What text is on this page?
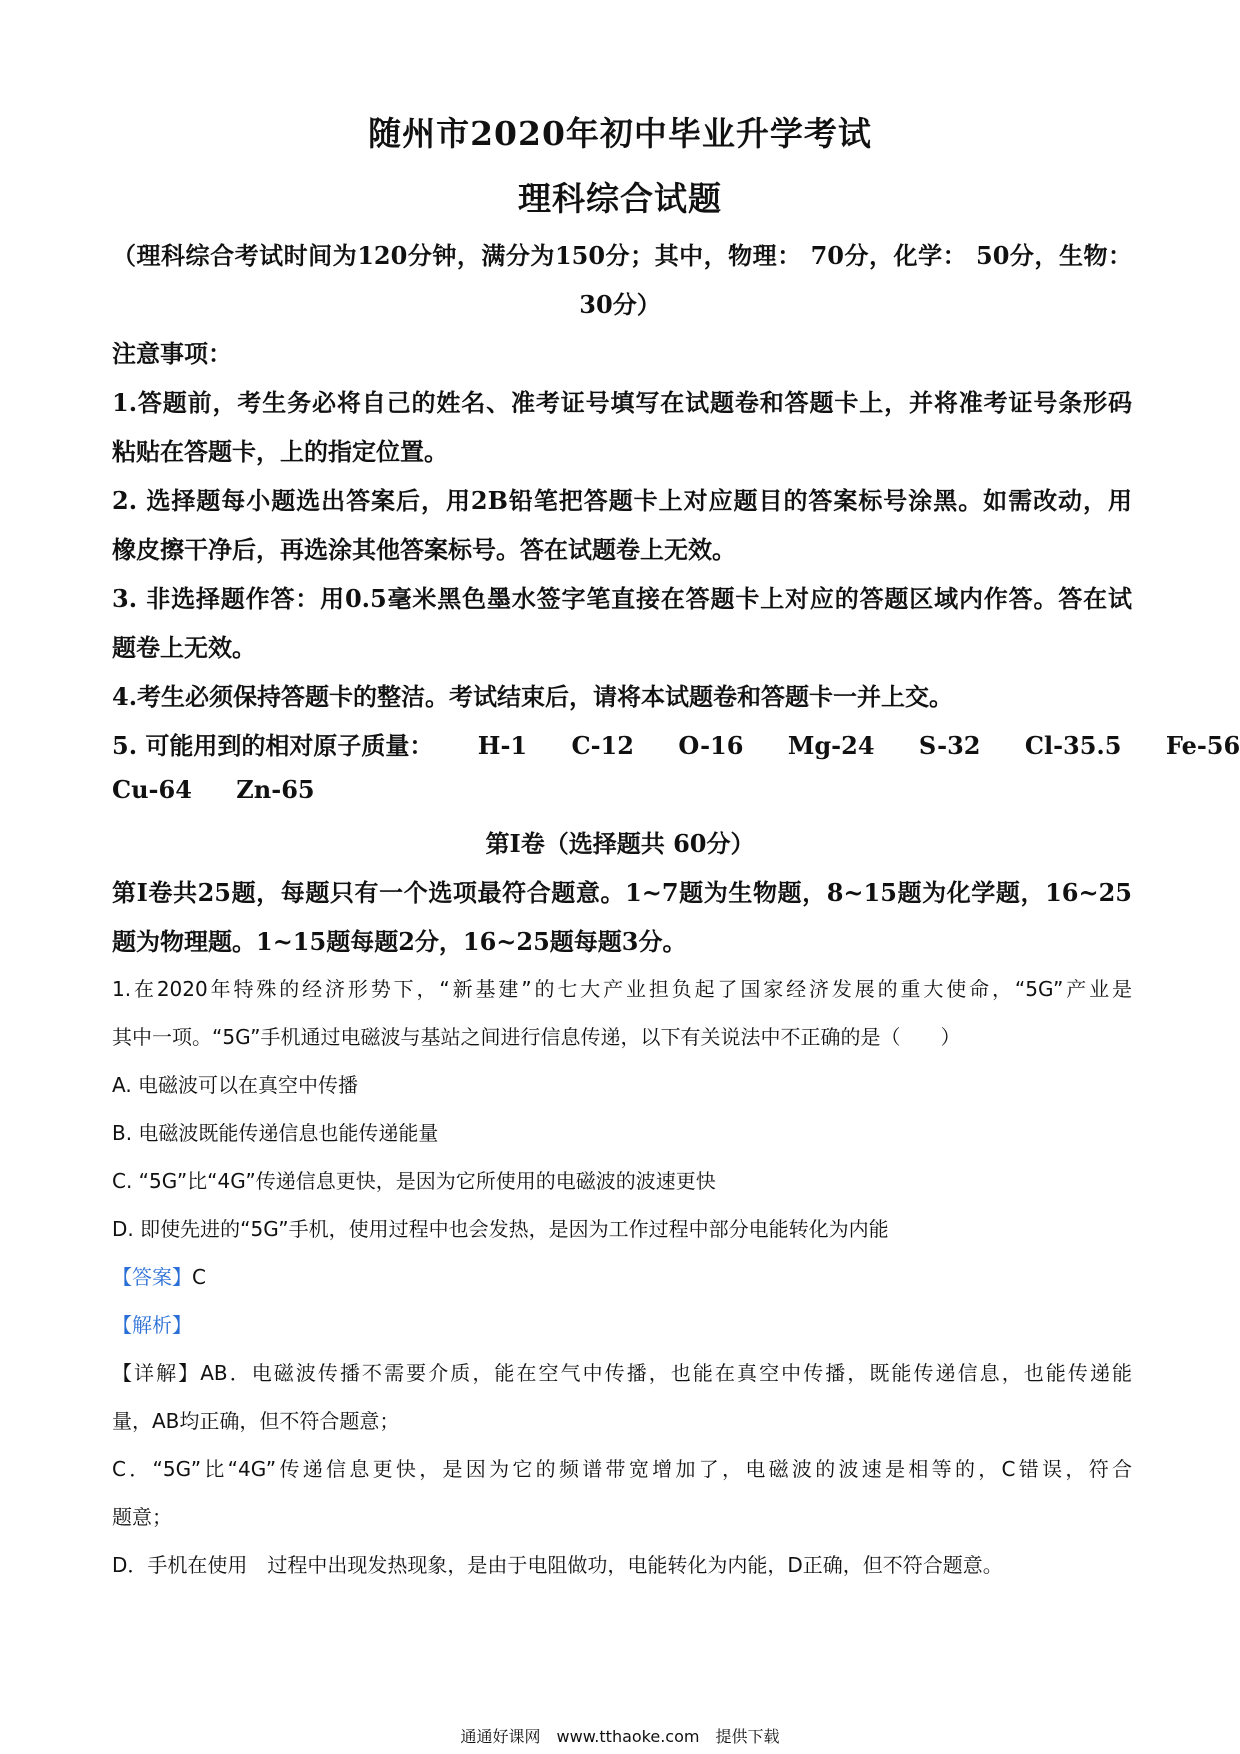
随州市2020年初中毕业升学考试
理科综合试题
（理科综合考试时间为120分钟，满分为150分；其中，物理： 70分，化学： 50分，生物：
30分）
注意事项：
1.答题前，考生务必将自己的姓名、准考证号填写在试题卷和答题卡上，并将准考证号条形码
粘贴在答题卡，上的指定位置。
2. 选择题每小题选出答案后，用2B铅笔把答题卡上对应题目的答案标号涂黑。如需改动，用
橡皮擦干净后，再选涂其他答案标号。答在试题卷上无效。
3. 非选择题作答：用0.5毫米黑色墨水签字笔直接在答题卡上对应的答题区域内作答。答在试
题卷上无效。
4.考生必须保持答题卡的整洁。考试结束后，请将本试题卷和答题卡一并上交。
5. 可能用到的相对原子质量： H-1 C-12 O-16 Mg-24 S-32 Cl-35.5 Fe-56
Cu-64 Zn-65
第I卷（选择题共 60分）
第I卷共25题，每题只有一个选项最符合题意。1~7题为生物题，8~15题为化学题，16~25
题为物理题。1~15题每题2分，16~25题每题3分。
1.在2020年特殊的经济形势下，“新基建”的七大产业担负起了国家经济发展的重大使命，“5G”产业是
其中一项。“5G”手机通过电磁波与基站之间进行信息传递，以下有关说法中不正确的是（　　）
A. 电磁波可以在真空中传播
B. 电磁波既能传递信息也能传递能量
C. “5G”比“4G”传递信息更快，是因为它所使用的电磁波的波速更快
D. 即使先进的“5G”手机，使用过程中也会发热，是因为工作过程中部分电能转化为内能
【答案】C
【解析】
【详解】AB．电磁波传播不需要介质，能在空气中传播，也能在真空中传播，既能传递信息，也能传递能
量，AB均正确，但不符合题意；
C．“5G”比“4G”传递信息更快，是因为它的频谱带宽增加了，电磁波的波速是相等的，C错误，符合
题意；
D．手机在使用　过程中出现发热现象，是由于电阻做功，电能转化为内能，D正确，但不符合题意。
通通好课网　www.tthaoke.com　提供下载
